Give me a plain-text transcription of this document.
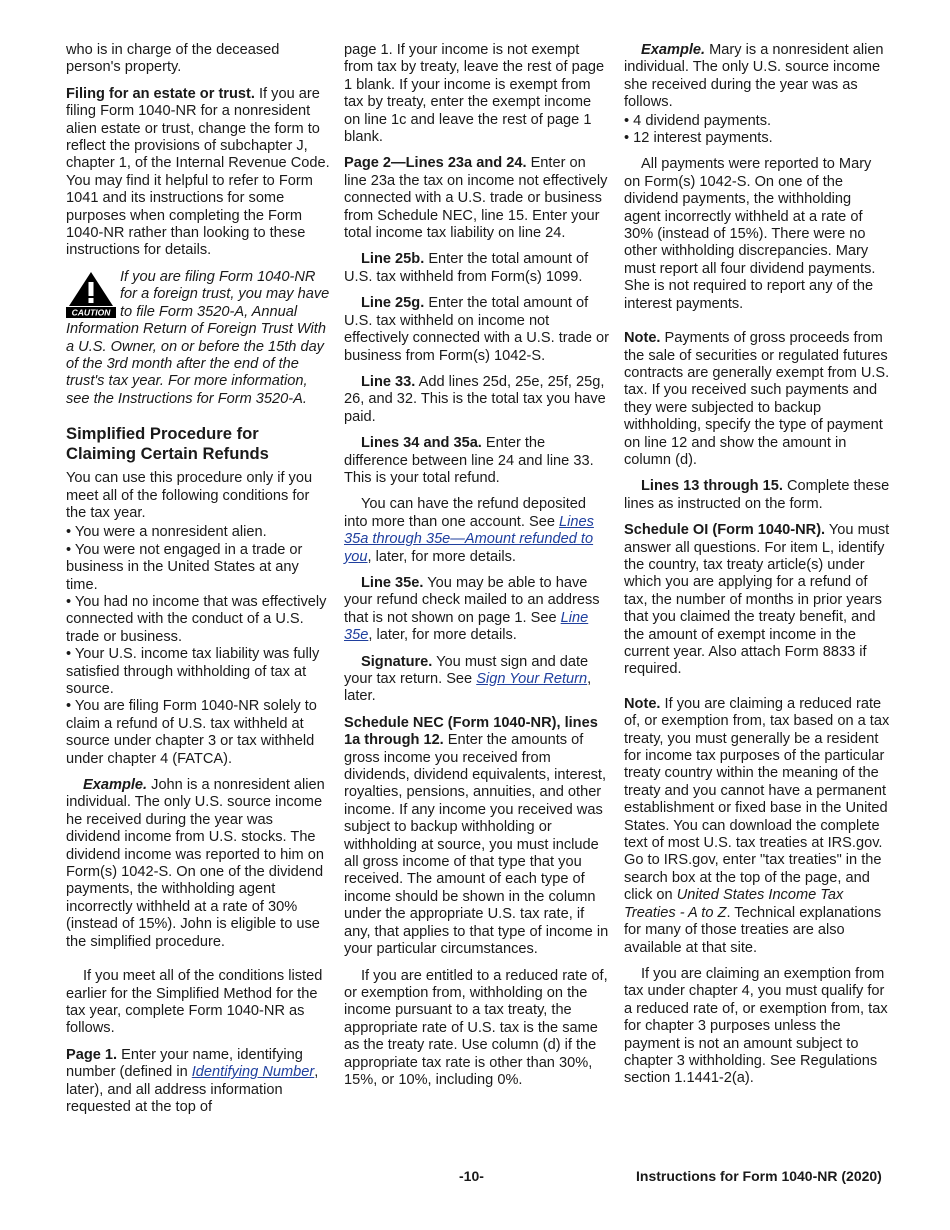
who is in charge of the deceased person's property.

Filing for an estate or trust. If you are filing Form 1040-NR for a nonresident alien estate or trust, change the form to reflect the provisions of subchapter J, chapter 1, of the Internal Revenue Code. You may find it helpful to refer to Form 1041 and its instructions for some purposes when completing the Form 1040-NR rather than looking to these instructions for details.

CAUTION
If you are filing Form 1040-NR for a foreign trust, you may have to file Form 3520-A, Annual Information Return of Foreign Trust With a U.S. Owner, on or before the 15th day of the 3rd month after the end of the trust's tax year. For more information, see the Instructions for Form 3520-A.
Simplified Procedure for Claiming Certain Refunds

You can use this procedure only if you meet all of the following conditions for the tax year.

• You were a nonresident alien.
• You were not engaged in a trade or business in the United States at any time.
• You had no income that was effectively connected with the conduct of a U.S. trade or business.
• Your U.S. income tax liability was fully satisfied through withholding of tax at source.
• You are filing Form 1040-NR solely to claim a refund of U.S. tax withheld at source under chapter 3 or tax withheld under chapter 4 (FATCA).

Example. John is a nonresident alien individual. The only U.S. source income he received during the year was dividend income from U.S. stocks. The dividend income was reported to him on Form(s) 1042-S. On one of the dividend payments, the withholding agent incorrectly withheld at a rate of 30% (instead of 15%). John is eligible to use the simplified procedure.

If you meet all of the conditions listed earlier for the Simplified Method for the tax year, complete Form 1040-NR as follows.

Page 1. Enter your name, identifying number (defined in Identifying Number, later), and all address information requested at the top of

page 1. If your income is not exempt from tax by treaty, leave the rest of page 1 blank. If your income is exempt from tax by treaty, enter the exempt income on line 1c and leave the rest of page 1 blank.

Page 2—Lines 23a and 24. Enter on line 23a the tax on income not effectively connected with a U.S. trade or business from Schedule NEC, line 15. Enter your total income tax liability on line 24.

Line 25b. Enter the total amount of U.S. tax withheld from Form(s) 1099.

Line 25g. Enter the total amount of U.S. tax withheld on income not effectively connected with a U.S. trade or business from Form(s) 1042-S.

Line 33. Add lines 25d, 25e, 25f, 25g, 26, and 32. This is the total tax you have paid.

Lines 34 and 35a. Enter the difference between line 24 and line 33. This is your total refund.

You can have the refund deposited into more than one account. See Lines 35a through 35e—Amount refunded to you, later, for more details.

Line 35e. You may be able to have your refund check mailed to an address that is not shown on page 1. See Line 35e, later, for more details.

Signature. You must sign and date your tax return. See Sign Your Return, later.

Schedule NEC (Form 1040-NR), lines 1a through 12. Enter the amounts of gross income you received from dividends, dividend equivalents, interest, royalties, pensions, annuities, and other income. If any income you received was subject to backup withholding or withholding at source, you must include all gross income of that type that you received. The amount of each type of income should be shown in the column under the appropriate U.S. tax rate, if any, that applies to that type of income in your particular circumstances.

If you are entitled to a reduced rate of, or exemption from, withholding on the income pursuant to a tax treaty, the appropriate rate of U.S. tax is the same as the treaty rate. Use column (d) if the appropriate tax rate is other than 30%, 15%, or 10%, including 0%.

Example. Mary is a nonresident alien individual. The only U.S. source income she received during the year was as follows.

• 4 dividend payments.
• 12 interest payments.

All payments were reported to Mary on Form(s) 1042-S. On one of the dividend payments, the withholding agent incorrectly withheld at a rate of 30% (instead of 15%). There were no other withholding discrepancies. Mary must report all four dividend payments. She is not required to report any of the interest payments.

Note. Payments of gross proceeds from the sale of securities or regulated futures contracts are generally exempt from U.S. tax. If you received such payments and they were subjected to backup withholding, specify the type of payment on line 12 and show the amount in column (d).

Lines 13 through 15. Complete these lines as instructed on the form.

Schedule OI (Form 1040-NR). You must answer all questions. For item L, identify the country, tax treaty article(s) under which you are applying for a refund of tax, the number of months in prior years that you claimed the treaty benefit, and the amount of exempt income in the current year. Also attach Form 8833 if required.

Note. If you are claiming a reduced rate of, or exemption from, tax based on a tax treaty, you must generally be a resident for income tax purposes of the particular treaty country within the meaning of the treaty and you cannot have a permanent establishment or fixed base in the United States. You can download the complete text of most U.S. tax treaties at IRS.gov. Go to IRS.gov, enter "tax treaties" in the search box at the top of the page, and click on United States Income Tax Treaties - A to Z. Technical explanations for many of those treaties are also available at that site.

If you are claiming an exemption from tax under chapter 4, you must qualify for a reduced rate of, or exemption from, tax for chapter 3 purposes unless the payment is not an amount subject to chapter 3 withholding. See Regulations section 1.1441-2(a).

-10-	Instructions for Form 1040-NR (2020)
